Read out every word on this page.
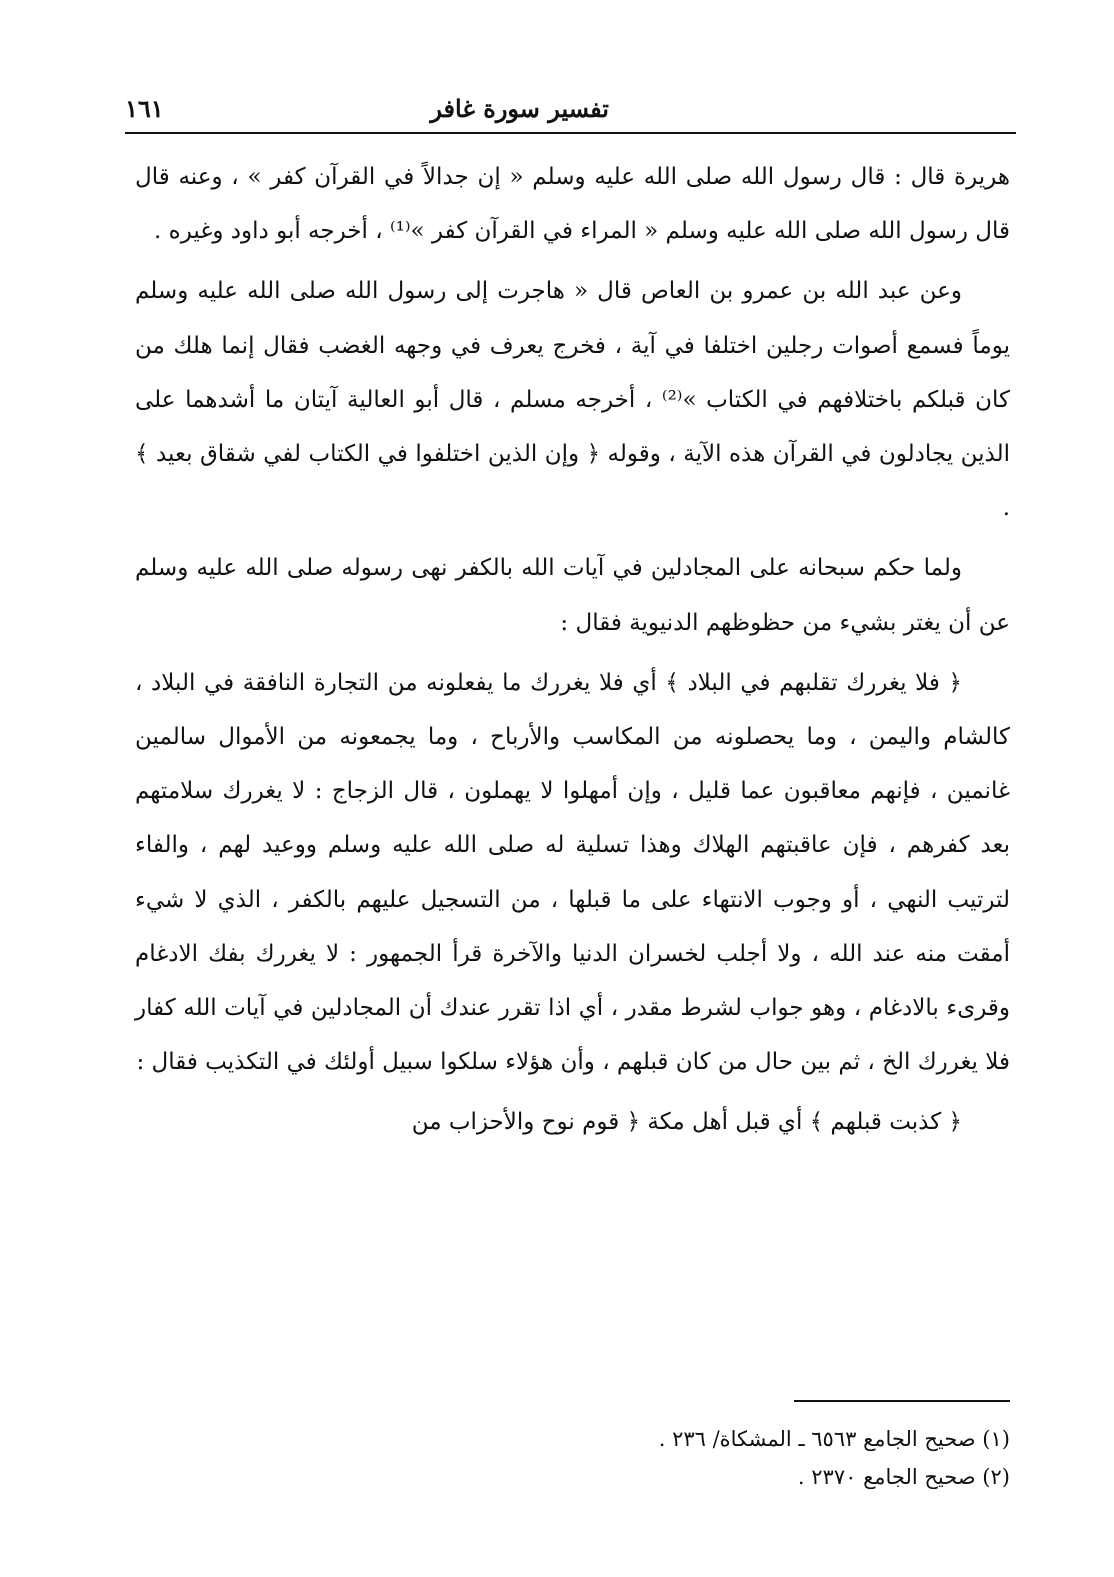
تفسير سورة غافر
١٦١

هريرة قال : قال رسول الله صلى الله عليه وسلم « إن جدالاً في القرآن كفر » ، وعنه قال قال رسول الله صلى الله عليه وسلم « المراء في القرآن كفر »⁽¹⁾ ، أخرجه أبو داود وغيره .

وعن عبد الله بن عمرو بن العاص قال « هاجرت إلى رسول الله صلى الله عليه وسلم يوماً فسمع أصوات رجلين اختلفا في آية ، فخرج يعرف في وجهه الغضب فقال إنما هلك من كان قبلكم باختلافهم في الكتاب »⁽²⁾ ، أخرجه مسلم ، قال أبو العالية آيتان ما أشدهما على الذين يجادلون في القرآن هذه الآية ، وقوله ﴿ وإن الذين اختلفوا في الكتاب لفي شقاق بعيد ﴾ .

ولما حكم سبحانه على المجادلين في آيات الله بالكفر نهى رسوله صلى الله عليه وسلم عن أن يغتر بشيء من حظوظهم الدنيوية فقال :

﴿ فلا يغررك تقلبهم في البلاد ﴾ أي فلا يغررك ما يفعلونه من التجارة النافقة في البلاد ، كالشام واليمن ، وما يحصلونه من المكاسب والأرباح ، وما يجمعونه من الأموال سالمين غانمين ، فإنهم معاقبون عما قليل ، وإن أمهلوا لا يهملون ، قال الزجاج : لا يغررك سلامتهم بعد كفرهم ، فإن عاقبتهم الهلاك وهذا تسلية له صلى الله عليه وسلم ووعيد لهم ، والفاء لترتيب النهي ، أو وجوب الانتهاء على ما قبلها ، من التسجيل عليهم بالكفر ، الذي لا شيء أمقت منه عند الله ، ولا أجلب لخسران الدنيا والآخرة قرأ الجمهور : لا يغررك بفك الادغام وقرىء بالادغام ، وهو جواب لشرط مقدر ، أي اذا تقرر عندك أن المجادلين في آيات الله كفار فلا يغررك الخ ، ثم بين حال من كان قبلهم ، وأن هؤلاء سلكوا سبيل أولئك في التكذيب فقال :

﴿ كذبت قبلهم ﴾ أي قبل أهل مكة ﴿ قوم نوح والأحزاب من

(١) صحيح الجامع ٦٥٦٣ ـ المشكاة/ ٢٣٦ .

(٢) صحيح الجامع ٢٣٧٠ .
